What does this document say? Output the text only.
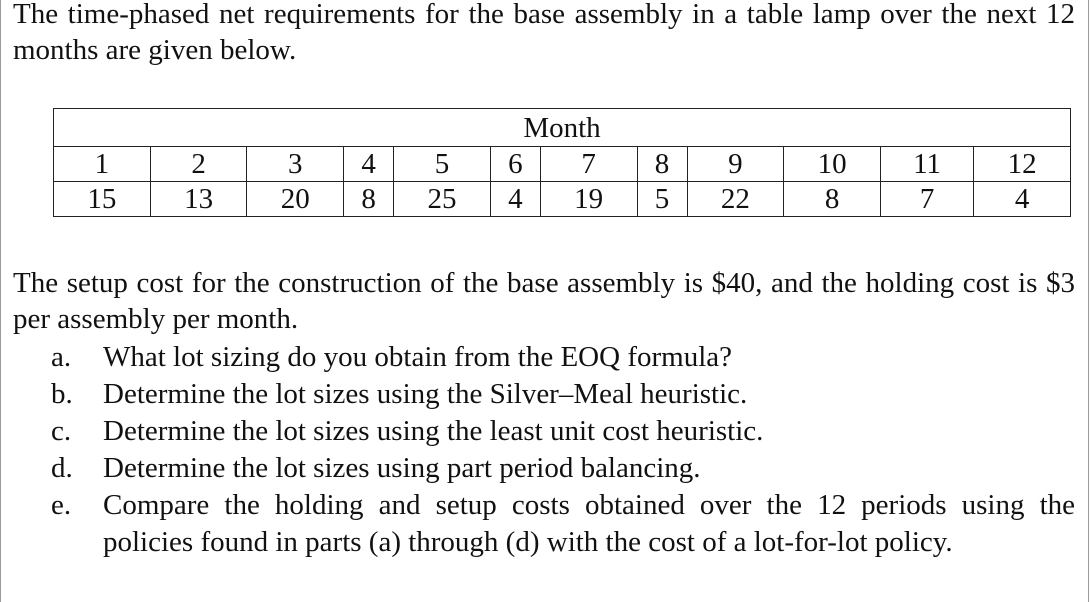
The time-phased net requirements for the base assembly in a table lamp over the next 12 months are given below.

Month											
1	2	3	4	5	6	7	8	9	10	11	12
15	13	20	8	25	4	19	5	22	8	7	4

The setup cost for the construction of the base assembly is $40, and the holding cost is $3 per assembly per month.

a. What lot sizing do you obtain from the EOQ formula?
b. Determine the lot sizes using the Silver–Meal heuristic.
c. Determine the lot sizes using the least unit cost heuristic.
d. Determine the lot sizes using part period balancing.
e. Compare the holding and setup costs obtained over the 12 periods using the policies found in parts (a) through (d) with the cost of a lot-for-lot policy.
